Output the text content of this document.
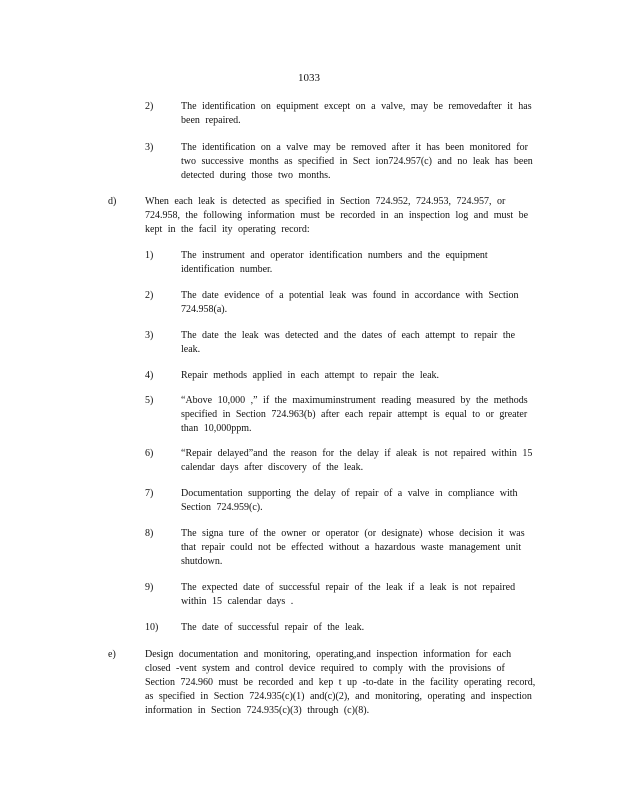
1033
2)	The identification on equipment except on a valve, may be removedafter it has been repaired.
3)	The identification on a valve may be removed after it has been monitored for two successive months as specified in Sect ion724.957(c) and no leak has been detected during those two months.
d)	When each leak is detected as specified in Section 724.952, 724.953, 724.957, or 724.958, the following information must be recorded in an inspection log and must be kept in the facil ity operating record:
1)	The instrument and operator identification numbers and the equipment identification number.
2)	The date evidence of a potential leak was found in accordance with Section 724.958(a).
3)	The date the leak was detected and the dates of each attempt to repair the leak.
4)	Repair methods applied in each attempt to repair the leak.
5)	“Above 10,000 ,” if the maximuminstrument reading measured by the methods specified in Section 724.963(b) after each repair attempt is equal to or greater than 10,000ppm.
6)	“Repair delayed”and the reason for the delay if aleak is not repaired within 15 calendar days after discovery of the leak.
7)	Documentation supporting the delay of repair of a valve in compliance with Section 724.959(c).
8)	The signa ture of the owner or operator (or designate) whose decision it was that repair could not be effected without a hazardous waste management unit shutdown.
9)	The expected date of successful repair of the leak if a leak is not repaired within 15 calendar days .
10) The date of successful repair of the leak.
e)	Design documentation and monitoring, operating,and inspection information for each closed -vent system and control device required to comply with the provisions of Section 724.960 must be recorded and kep t up -to-date in the facility operating record, as specified in Section 724.935(c)(1) and(c)(2), and monitoring, operating and inspection information in Section 724.935(c)(3) through (c)(8).
